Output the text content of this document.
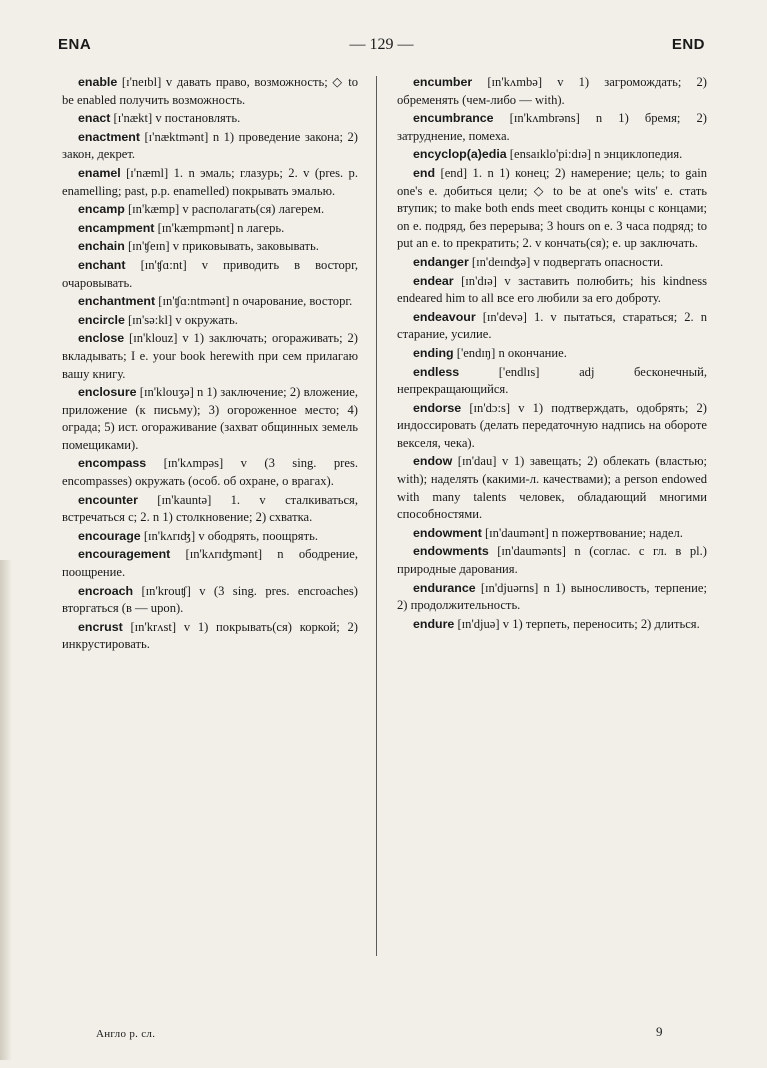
ENA	— 129 —	END

enable [ɪ'neɪbl] v давать право, возможность; ◇ to be enabled получить возможность.

enact [ɪ'nækt] v постановлять.

enactment [ɪ'næktmənt] n 1) проведение закона; 2) закон, декрет.

enamel [ɪ'næml] 1. n эмаль; глазурь; 2. v (pres. p. enamelling; past, p.p. enamelled) покрывать эмалью.

encamp [ɪn'kæmp] v располагать(ся) лагерем.

encampment [ɪn'kæmpmənt] n лагерь.

enchain [ɪn'ʧeɪn] v приковывать, заковывать.

enchant [ɪn'ʧɑ:nt] v приводить в восторг, очаровывать.

enchantment [ɪn'ʧɑ:ntmənt] n очарование, восторг.

encircle [ɪn'sə:kl] v окружать.

enclose [ɪn'klouz] v 1) заключать; огораживать; 2) вкладывать; I e. your book herewith при сем прилагаю вашу книгу.

enclosure [ɪn'klouʒə] n 1) заключение; 2) вложение, приложение (к письму); 3) огороженное место; 4) ограда; 5) ист. огораживание (захват общинных земель помещиками).

encompass [ɪn'kʌmpəs] v (3 sing. pres. encompasses) окружать (особ. об охране, о врагах).

encounter [ɪn'kauntə] 1. v сталкиваться, встречаться с; 2. n 1) столкновение; 2) схватка.

encourage [ɪn'kʌrɪʤ] v ободрять, поощрять.

encouragement [ɪn'kʌrɪʤmənt] n ободрение, поощрение.

encroach [ɪn'krouʧ] v (3 sing. pres. encroaches) вторгаться (в — upon).

encrust [ɪn'krʌst] v 1) покрывать(ся) коркой; 2) инкрустировать.

encumber [ɪn'kʌmbə] v 1) загромождать; 2) обременять (чем-либо — with).

encumbrance [ɪn'kʌmbrəns] n 1) бремя; 2) затруднение, помеха.

encyclop(a)edia [ensaɪklo'pi:dɪə] n энциклопедия.

end [end] 1. n 1) конец; 2) намерение; цель; to gain one's e. добиться цели; ◇ to be at one's wits' e. стать втупик; to make both ends meet сводить концы с концами; on e. подряд, без перерыва; 3 hours on e. 3 часа подряд; to put an e. to прекратить; 2. v кончать(ся); e. up заключать.

endanger [ɪn'deɪnʤə] v подвергать опасности.

endear [ɪn'dɪə] v заставить полюбить; his kindness endeared him to all все его любили за его доброту.

endeavour [ɪn'devə] 1. v пытаться, стараться; 2. n старание, усилие.

ending ['endɪŋ] n окончание.

endless ['endlɪs] adj бесконечный, непрекращающийся.

endorse [ɪn'dɔ:s] v 1) подтверждать, одобрять; 2) индоссировать (делать передаточную надпись на обороте векселя, чека).

endow [ɪn'dau] v 1) завещать; 2) облекать (властью; with); наделять (какими-л. качествами); a person endowed with many talents человек, обладающий многими способностями.

endowment [ɪn'daumənt] n пожертвование; надел.

endowments [ɪn'daumənts] n (соглас. с гл. в pl.) природные дарования.

endurance [ɪn'djuərns] n 1) выносливость, терпение; 2) продолжительность.

endure [ɪn'djuə] v 1) терпеть, переносить; 2) длиться.

Англо р. сл.	9
